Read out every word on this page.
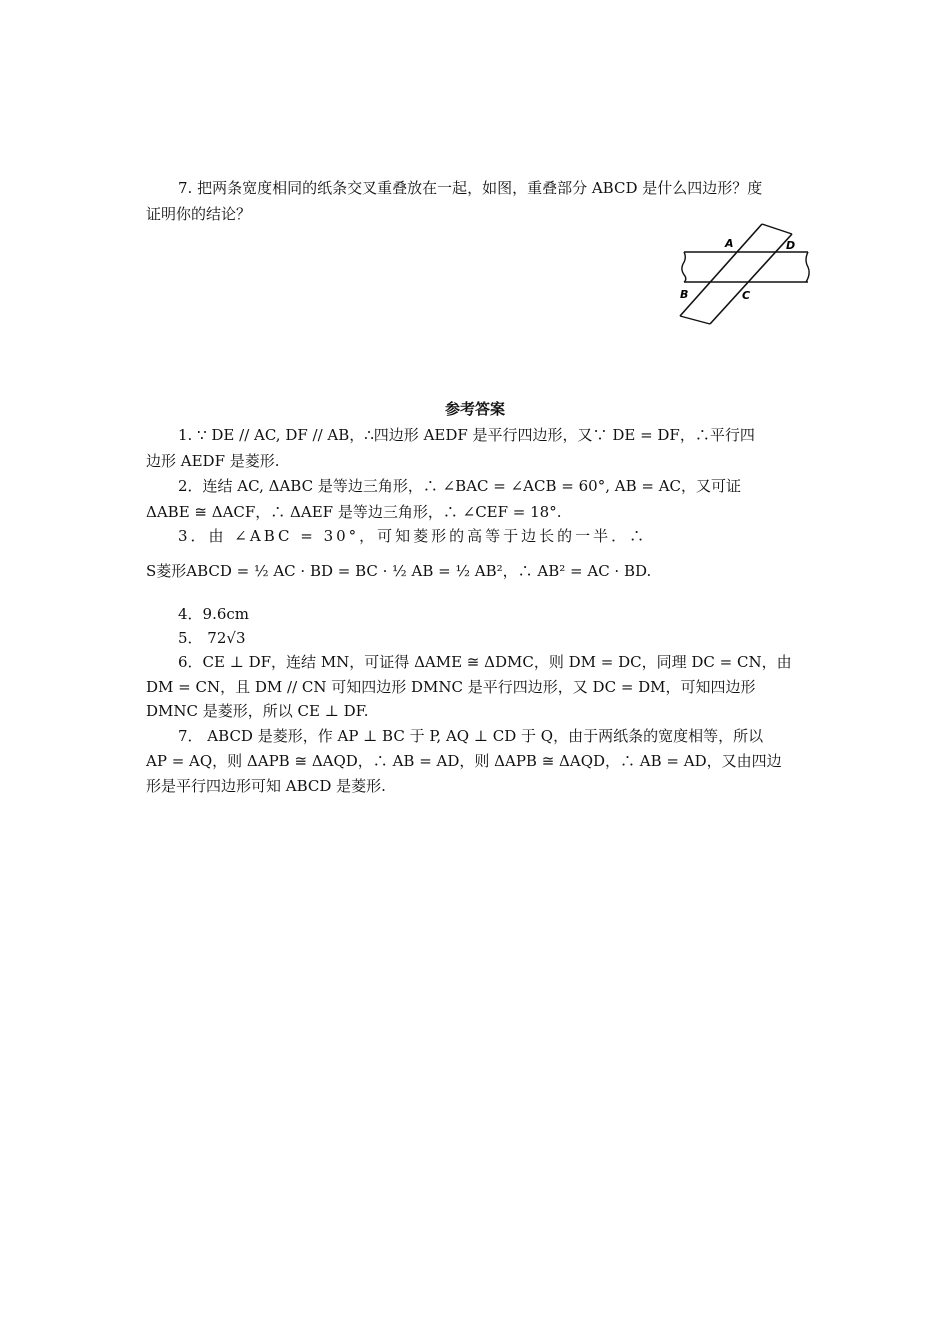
7. 把两条宽度相同的纸条交叉重叠放在一起，如图，重叠部分 ABCD 是什么四边形？度
证明你的结论？
A	D
B	C
参考答案
1. ∵ DE // AC, DF // AB，∴四边形 AEDF 是平行四边形，又∵ DE = DF，∴平行四
边形 AEDF 是菱形.
2．连结 AC, ΔABC 是等边三角形，∴ ∠BAC = ∠ACB = 60°, AB = AC，又可证
ΔABE ≅ ΔACF，∴ ΔAEF 是等边三角形，∴ ∠CEF = 18°.
3．由 ∠ABC = 30°，可知菱形的高等于边长的一半．∴
S菱形ABCD = ½ AC · BD = BC · ½ AB = ½ AB²，∴ AB² = AC · BD.
4．9.6cm
5． 72√3
6．CE ⊥ DF，连结 MN，可证得 ΔAME ≅ ΔDMC，则 DM = DC，同理 DC = CN，由
DM = CN，且 DM // CN 可知四边形 DMNC 是平行四边形，又 DC = DM，可知四边形
DMNC 是菱形，所以 CE ⊥ DF.
7． ABCD 是菱形，作 AP ⊥ BC 于 P, AQ ⊥ CD 于 Q，由于两纸条的宽度相等，所以
AP = AQ，则 ΔAPB ≅ ΔAQD，∴ AB = AD，则 ΔAPB ≅ ΔAQD，∴ AB = AD，又由四边
形是平行四边形可知 ABCD 是菱形.
